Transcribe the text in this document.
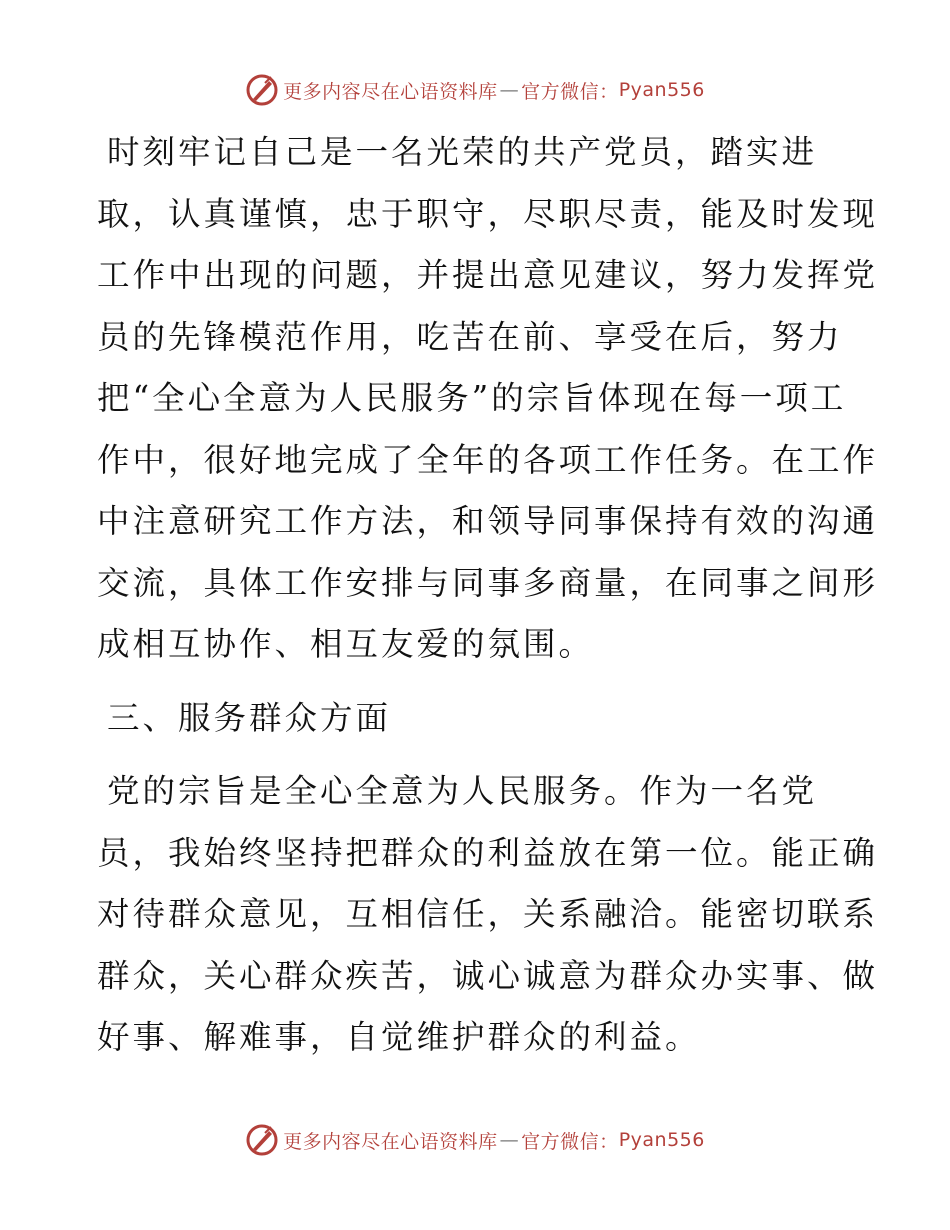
更多内容尽在心语资料库 — 官方微信： Pyan556
时刻牢记自己是一名光荣的共产党员，踏实进
取，认真谨慎，忠于职守，尽职尽责，能及时发现
工作中出现的问题，并提出意见建议，努力发挥党
员的先锋模范作用，吃苦在前、享受在后，努力
把“全心全意为人民服务”的宗旨体现在每一项工
作中，很好地完成了全年的各项工作任务。在工作
中注意研究工作方法，和领导同事保持有效的沟通
交流，具体工作安排与同事多商量，在同事之间形
成相互协作、相互友爱的氛围。
三、服务群众方面
党的宗旨是全心全意为人民服务。作为一名党
员，我始终坚持把群众的利益放在第一位。能正确
对待群众意见，互相信任，关系融洽。能密切联系
群众，关心群众疾苦，诚心诚意为群众办实事、做
好事、解难事，自觉维护群众的利益。
更多内容尽在心语资料库 — 官方微信： Pyan556
